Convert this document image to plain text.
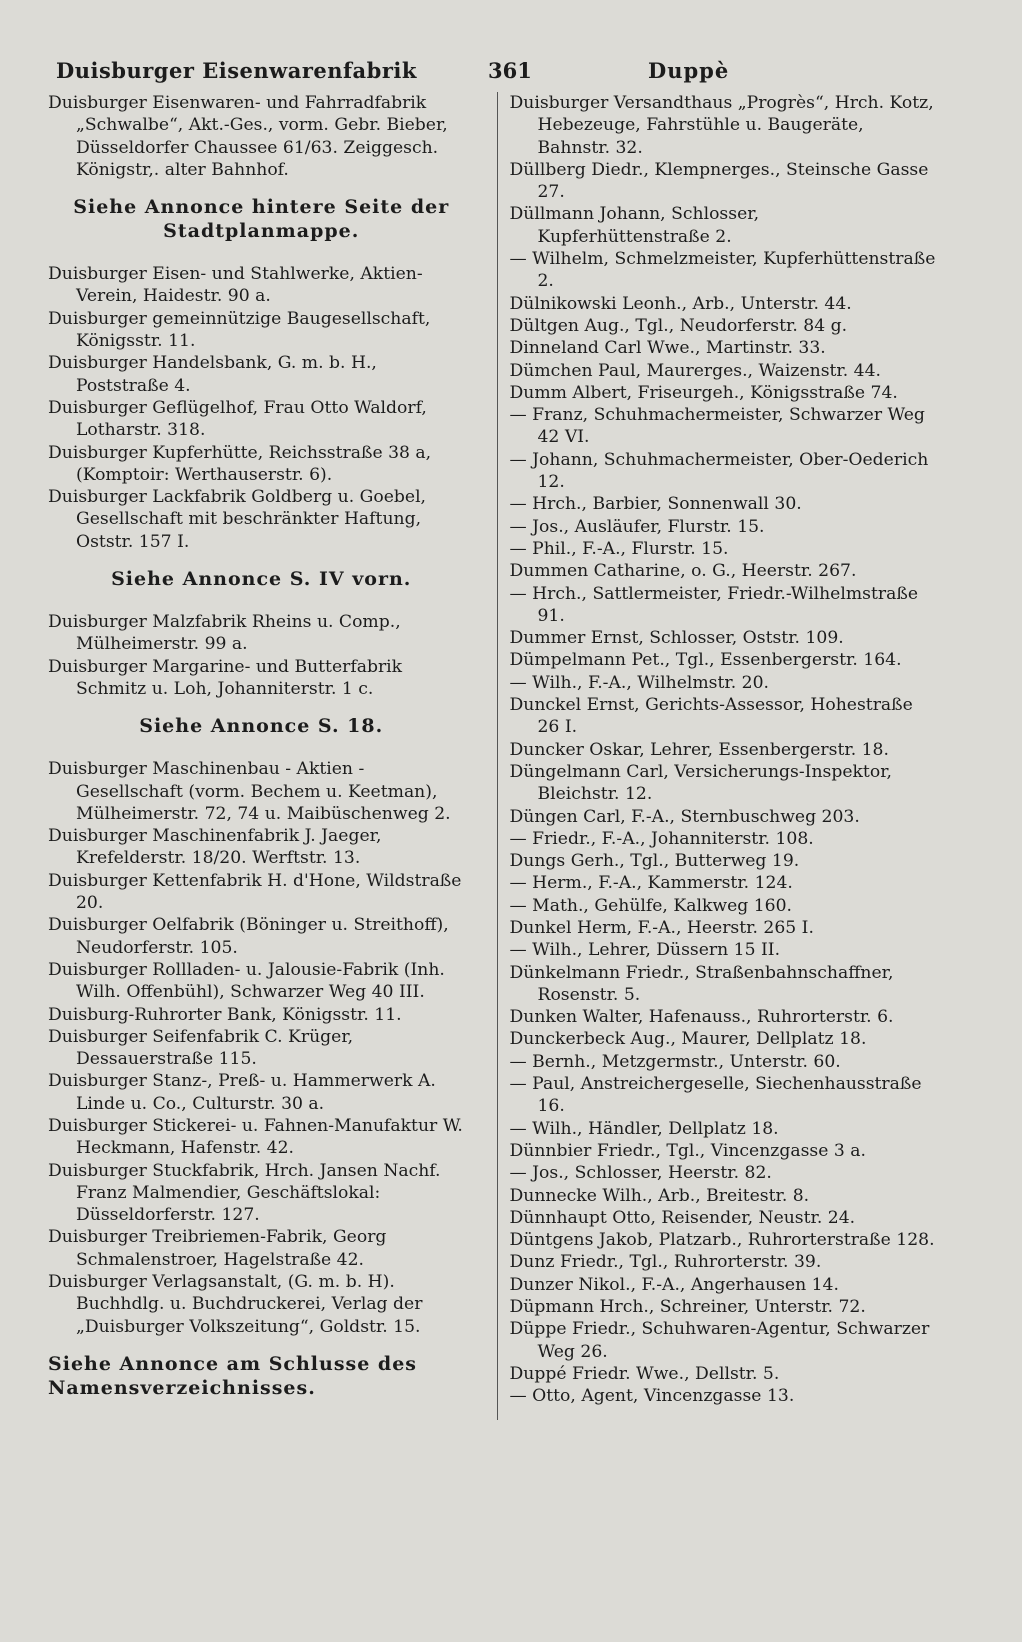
Duisburger Eisenwarenfabrik	361	Duppè

Duisburger Eisenwaren- und Fahrradfabrik „Schwalbe“, Akt.-Ges., vorm. Gebr. Bieber, Düsseldorfer Chaussee 61/63. Zeiggesch. Königstr,. alter Bahnhof.

Siehe Annonce hintere Seite der Stadtplanmappe.

Duisburger Eisen- und Stahlwerke, Aktien-Verein, Haidestr. 90 a.

Duisburger gemeinnützige Baugesellschaft, Königsstr. 11.

Duisburger Handelsbank, G. m. b. H., Poststraße 4.

Duisburger Geflügelhof, Frau Otto Waldorf, Lotharstr. 318.

Duisburger Kupferhütte, Reichsstraße 38 a, (Komptoir: Werthauserstr. 6).

Duisburger Lackfabrik Goldberg u. Goebel, Gesellschaft mit beschränkter Haftung, Oststr. 157 I.

Siehe Annonce S. IV vorn.

Duisburger Malzfabrik Rheins u. Comp., Mülheimerstr. 99 a.

Duisburger Margarine- und Butterfabrik Schmitz u. Loh, Johanniterstr. 1 c.

Siehe Annonce S. 18.

Duisburger Maschinenbau - Aktien - Gesellschaft (vorm. Bechem u. Keetman), Mülheimerstr. 72, 74 u. Maibüschenweg 2.

Duisburger Maschinenfabrik J. Jaeger, Krefelderstr. 18/20. Werftstr. 13.

Duisburger Kettenfabrik H. d'Hone, Wildstraße 20.

Duisburger Oelfabrik (Böninger u. Streithoff), Neudorferstr. 105.

Duisburger Rollladen- u. Jalousie-Fabrik (Inh. Wilh. Offenbühl), Schwarzer Weg 40 III.

Duisburg-Ruhrorter Bank, Königsstr. 11.

Duisburger Seifenfabrik C. Krüger, Dessauerstraße 115.

Duisburger Stanz-, Preß- u. Hammerwerk A. Linde u. Co., Culturstr. 30 a.

Duisburger Stickerei- u. Fahnen-Manufaktur W. Heckmann, Hafenstr. 42.

Duisburger Stuckfabrik, Hrch. Jansen Nachf. Franz Malmendier, Geschäftslokal: Düsseldorferstr. 127.

Duisburger Treibriemen-Fabrik, Georg Schmalenstroer, Hagelstraße 42.

Duisburger Verlagsanstalt, (G. m. b. H). Buchhdlg. u. Buchdruckerei, Verlag der „Duisburger Volkszeitung“, Goldstr. 15.

Siehe Annonce am Schlusse des Namensverzeichnisses.

Duisburger Versandthaus „Progrès“, Hrch. Kotz, Hebezeuge, Fahrstühle u. Baugeräte, Bahnstr. 32.

Düllberg Diedr., Klempnerges., Steinsche Gasse 27.

Düllmann Johann, Schlosser, Kupferhüttenstraße 2.

— Wilhelm, Schmelzmeister, Kupferhüttenstraße 2.

Dülnikowski Leonh., Arb., Unterstr. 44.

Dültgen Aug., Tgl., Neudorferstr. 84 g.

Dinneland Carl Wwe., Martinstr. 33.

Dümchen Paul, Maurerges., Waizenstr. 44.

Dumm Albert, Friseurgeh., Königsstraße 74.

— Franz, Schuhmachermeister, Schwarzer Weg 42 VI.

— Johann, Schuhmachermeister, Ober-Oederich 12.

— Hrch., Barbier, Sonnenwall 30.

— Jos., Ausläufer, Flurstr. 15.

— Phil., F.-A., Flurstr. 15.

Dummen Catharine, o. G., Heerstr. 267.

— Hrch., Sattlermeister, Friedr.-Wilhelmstraße 91.

Dummer Ernst, Schlosser, Oststr. 109.

Dümpelmann Pet., Tgl., Essenbergerstr. 164.

— Wilh., F.-A., Wilhelmstr. 20.

Dunckel Ernst, Gerichts-Assessor, Hohestraße 26 I.

Duncker Oskar, Lehrer, Essenbergerstr. 18.

Düngelmann Carl, Versicherungs-Inspektor, Bleichstr. 12.

Düngen Carl, F.-A., Sternbuschweg 203.

— Friedr., F.-A., Johanniterstr. 108.

Dungs Gerh., Tgl., Butterweg 19.

— Herm., F.-A., Kammerstr. 124.

— Math., Gehülfe, Kalkweg 160.

Dunkel Herm, F.-A., Heerstr. 265 I.

— Wilh., Lehrer, Düssern 15 II.

Dünkelmann Friedr., Straßenbahnschaffner, Rosenstr. 5.

Dunken Walter, Hafenauss., Ruhrorterstr. 6.

Dunckerbeck Aug., Maurer, Dellplatz 18.

— Bernh., Metzgermstr., Unterstr. 60.

— Paul, Anstreichergeselle, Siechenhausstraße 16.

— Wilh., Händler, Dellplatz 18.

Dünnbier Friedr., Tgl., Vincenzgasse 3 a.

— Jos., Schlosser, Heerstr. 82.

Dunnecke Wilh., Arb., Breitestr. 8.

Dünnhaupt Otto, Reisender, Neustr. 24.

Düntgens Jakob, Platzarb., Ruhrorterstraße 128.

Dunz Friedr., Tgl., Ruhrorterstr. 39.

Dunzer Nikol., F.-A., Angerhausen 14.

Düpmann Hrch., Schreiner, Unterstr. 72.

Düppe Friedr., Schuhwaren-Agentur, Schwarzer Weg 26.

Duppé Friedr. Wwe., Dellstr. 5.

— Otto, Agent, Vincenzgasse 13.
